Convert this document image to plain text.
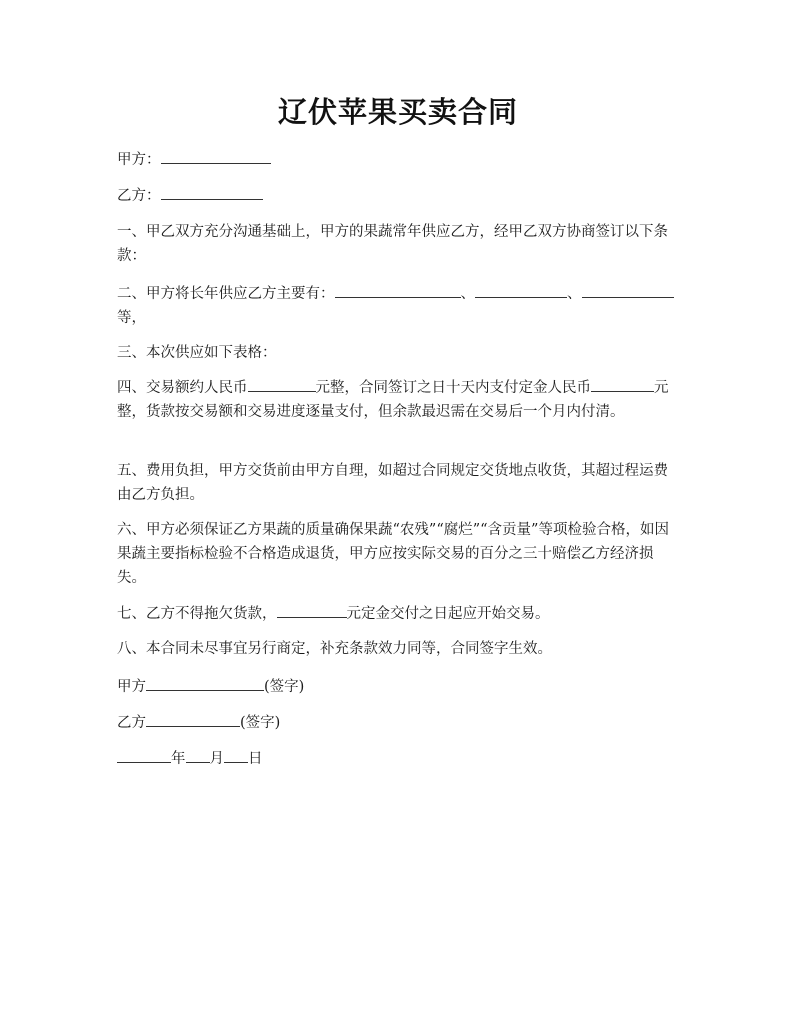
辽伏苹果买卖合同

甲方：

乙方：

一、甲乙双方充分沟通基础上，甲方的果蔬常年供应乙方，经甲乙双方协商签订以下条款：

二、甲方将长年供应乙方主要有：	、	、等，

三、本次供应如下表格：

四、交易额约人民币	元整，合同签订之日十天内支付定金人民币	元整，货款按交易额和交易进度逐量支付，但余款最迟需在交易后一个月内付清。

五、费用负担，甲方交货前由甲方自理，如超过合同规定交货地点收货，其超过程运费由乙方负担。

六、甲方必须保证乙方果蔬的质量确保果蔬“农残”“腐烂”“含贡量”等项检验合格，如因果蔬主要指标检验不合格造成退货，甲方应按实际交易的百分之三十赔偿乙方经济损失。

七、乙方不得拖欠货款，	元定金交付之日起应开始交易。

八、本合同未尽事宜另行商定，补充条款效力同等，合同签字生效。

甲方	(签字)

乙方	(签字)

年 月 日
